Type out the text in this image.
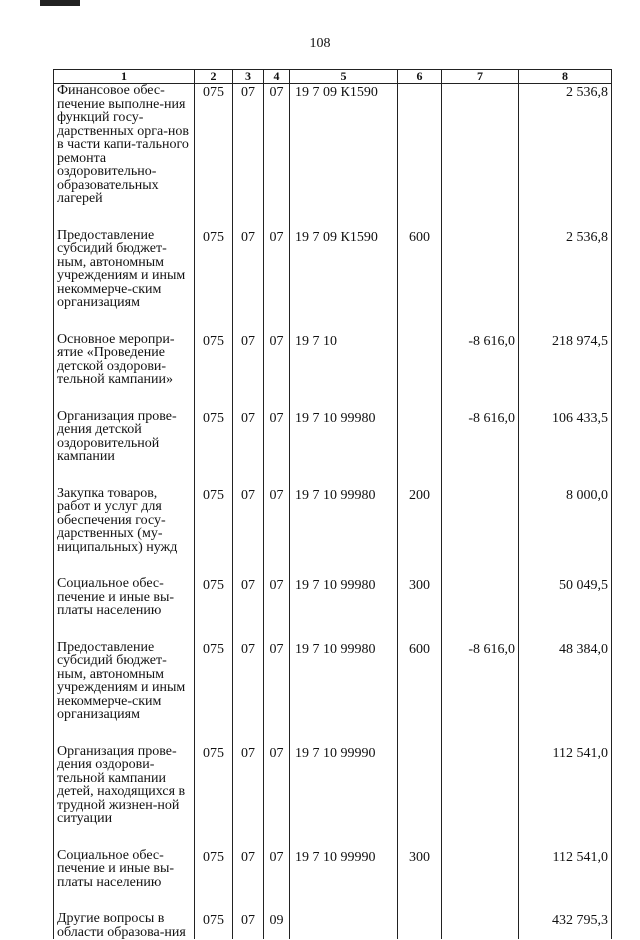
108
1	2	3	4	5	6	7	8
Финансовое обес-печение выполне-ния функций госу-дарственных орга-нов в части капи-тального ремонта оздоровительно-образовательных лагерей	075	07	07	19 7 09 К1590			2 536,8

Предоставление субсидий бюджет-ным, автономным учреждениям и иным некоммерче-ским организациям	075	07	07	19 7 09 К1590	600		2 536,8

Основное меропри-ятие «Проведение детской оздорови-тельной кампании»	075	07	07	19 7 10		-8 616,0	218 974,5

Организация прове-дения детской оздоровительной кампании	075	07	07	19 7 10 99980		-8 616,0	106 433,5

Закупка товаров, работ и услуг для обеспечения госу-дарственных (му-ниципальных) нужд	075	07	07	19 7 10 99980	200		8 000,0

Социальное обес-печение и иные вы-платы населению	075	07	07	19 7 10 99980	300		50 049,5

Предоставление субсидий бюджет-ным, автономным учреждениям и иным некоммерче-ским организациям	075	07	07	19 7 10 99980	600	-8 616,0	48 384,0

Организация прове-дения оздорови-тельной кампании детей, находящихся в трудной жизнен-ной ситуации	075	07	07	19 7 10 99990			112 541,0

Социальное обес-печение и иные вы-платы населению	075	07	07	19 7 10 99990	300		112 541,0

Другие вопросы в области образова-ния	075	07	09				432 795,3
